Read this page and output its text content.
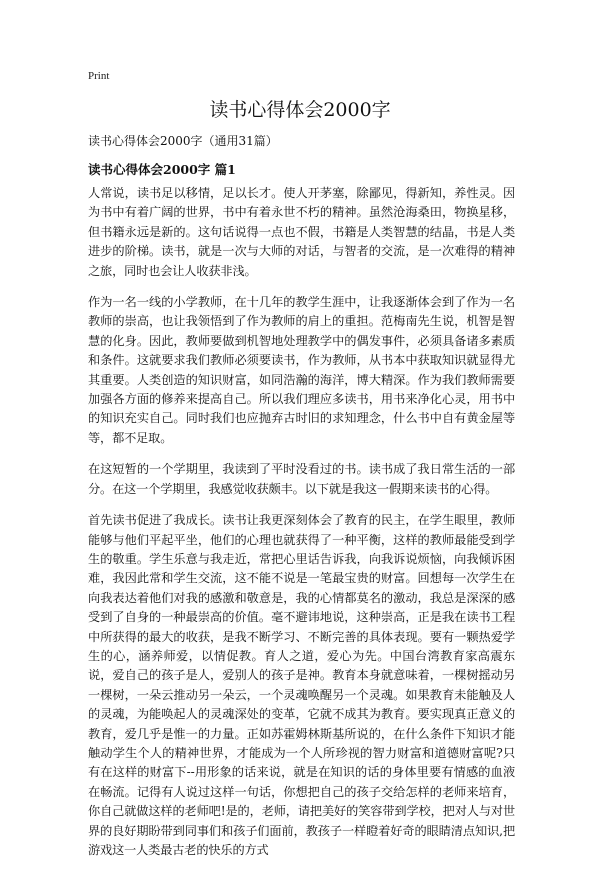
Print
读书心得体会2000字
读书心得体会2000字（通用31篇）
读书心得体会2000字 篇1

人常说，读书足以移情，足以长才。使人开茅塞，除鄙见，得新知，养性灵。因为书中有着广阔的世界，书中有着永世不朽的精神。虽然沧海桑田，物换星移，但书籍永远是新的。这句话说得一点也不假，书籍是人类智慧的结晶，书是人类进步的阶梯。读书，就是一次与大师的对话，与智者的交流，是一次难得的精神之旅，同时也会让人收获非浅。

作为一名一线的小学教师，在十几年的教学生涯中，让我逐渐体会到了作为一名教师的崇高，也让我领悟到了作为教师的肩上的重担。范梅南先生说，机智是智慧的化身。因此，教师要做到机智地处理教学中的偶发事件，必须具备诸多素质和条件。这就要求我们教师必须要读书，作为教师，从书本中获取知识就显得尤其重要。人类创造的知识财富，如同浩瀚的海洋，博大精深。作为我们教师需要加强各方面的修养来提高自己。所以我们理应多读书，用书来净化心灵，用书中的知识充实自己。同时我们也应抛弃古时旧的求知理念，什么书中自有黄金屋等等，都不足取。

在这短暂的一个学期里，我读到了平时没看过的书。读书成了我日常生活的一部分。在这一个学期里，我感觉收获颇丰。以下就是我这一假期来读书的心得。

首先读书促进了我成长。读书让我更深刻体会了教育的民主，在学生眼里，教师能够与他们平起平坐，他们的心理也就获得了一种平衡，这样的教师最能受到学生的敬重。学生乐意与我走近，常把心里话告诉我，向我诉说烦恼，向我倾诉困难，我因此常和学生交流，这不能不说是一笔最宝贵的财富。回想每一次学生在向我表达着他们对我的感激和敬意是，我的心情都莫名的激动，我总是深深的感受到了自身的一种最崇高的价值。毫不避讳地说，这种崇高，正是我在读书工程中所获得的最大的收获，是我不断学习、不断完善的具体表现。要有一颗热爱学生的心，涵养师爱，以情促教。育人之道，爱心为先。中国台湾教育家高震东说，爱自己的孩子是人，爱别人的孩子是神。教育本身就意味着，一棵树摇动另一棵树，一朵云推动另一朵云，一个灵魂唤醒另一个灵魂。如果教育未能触及人的灵魂，为能唤起人的灵魂深处的变革，它就不成其为教育。要实现真正意义的教育，爱几乎是惟一的力量。正如苏霍姆林斯基所说的，在什么条件下知识才能触动学生个人的精神世界，才能成为一个人所珍视的智力财富和道德财富呢?只有在这样的财富下--用形象的话来说，就是在知识的话的身体里要有情感的血液在畅流。记得有人说过这样一句话，你想把自己的孩子交给怎样的老师来培育，你自己就做这样的老师吧!是的，老师，请把美好的笑容带到学校，把对人与对世界的良好期盼带到同事们和孩子们面前，教孩子一样瞪着好奇的眼睛清点知识,把游戏这一人类最古老的快乐的方式
